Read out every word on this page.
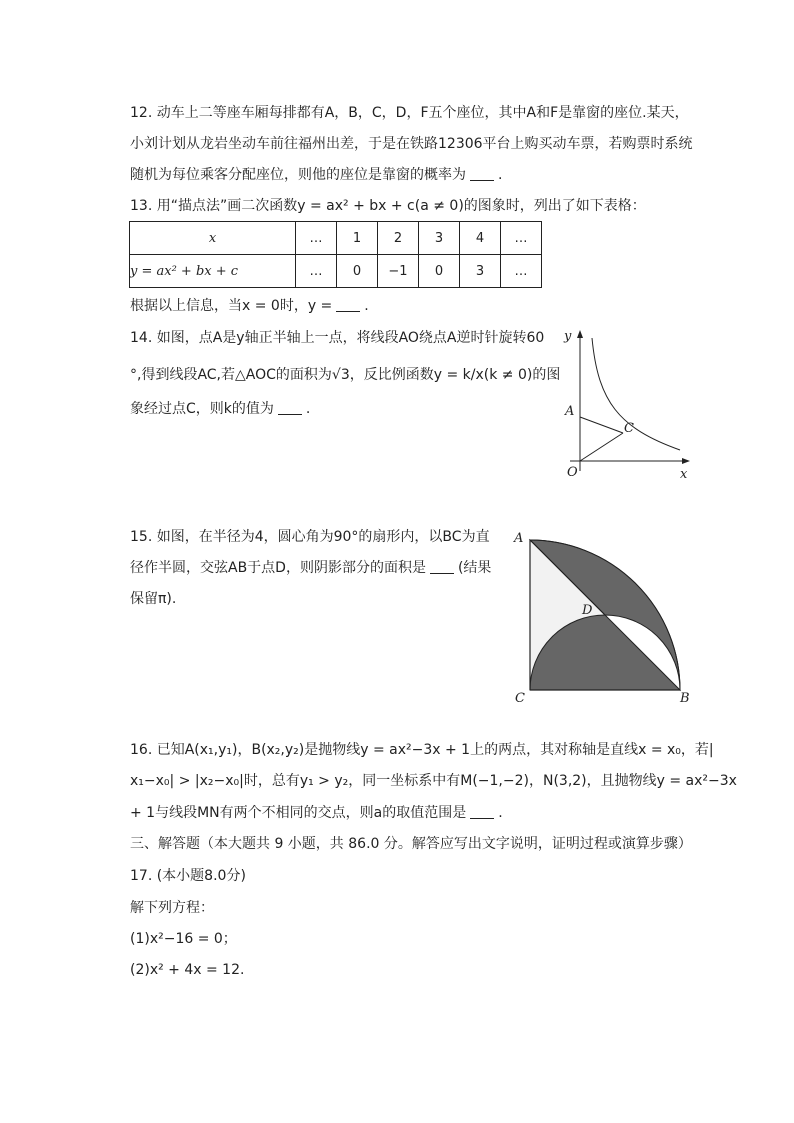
12. 动车上二等座车厢每排都有A，B，C，D，F五个座位，其中A和F是靠窗的座位.某天，
小刘计划从龙岩坐动车前往福州出差，于是在铁路12306平台上购买动车票，若购票时系统
随机为每位乘客分配座位，则他的座位是靠窗的概率为 .
13. 用“描点法”画二次函数y = ax² + bx + c(a ≠ 0)的图象时，列出了如下表格：
x	…	1	2	3	4	…
y = ax² + bx + c	…	0	−1	0	3	…
根据以上信息，当x = 0时，y = .
14. 如图，点A是y轴正半轴上一点，将线段AO绕点A逆时针旋转60
°,得到线段AC,若△AOC的面积为√3，反比例函数y = k/x(k ≠ 0)的图
象经过点C，则k的值为 .
y
A
C
O	x
15. 如图，在半径为4，圆心角为90°的扇形内，以BC为直
径作半圆，交弦AB于点D，则阴影部分的面积是 (结果
保留π).
A
D
C	B
16. 已知A(x₁,y₁)，B(x₂,y₂)是抛物线y = ax²−3x + 1上的两点，其对称轴是直线x = x₀，若|
x₁−x₀| > |x₂−x₀|时，总有y₁ > y₂，同一坐标系中有M(−1,−2)，N(3,2)，且抛物线y = ax²−3x
+ 1与线段MN有两个不相同的交点，则a的取值范围是 .
三、解答题（本大题共 9 小题，共 86.0 分。解答应写出文字说明，证明过程或演算步骤）
17. (本小题8.0分)
解下列方程：
(1)x²−16 = 0；
(2)x² + 4x = 12.
